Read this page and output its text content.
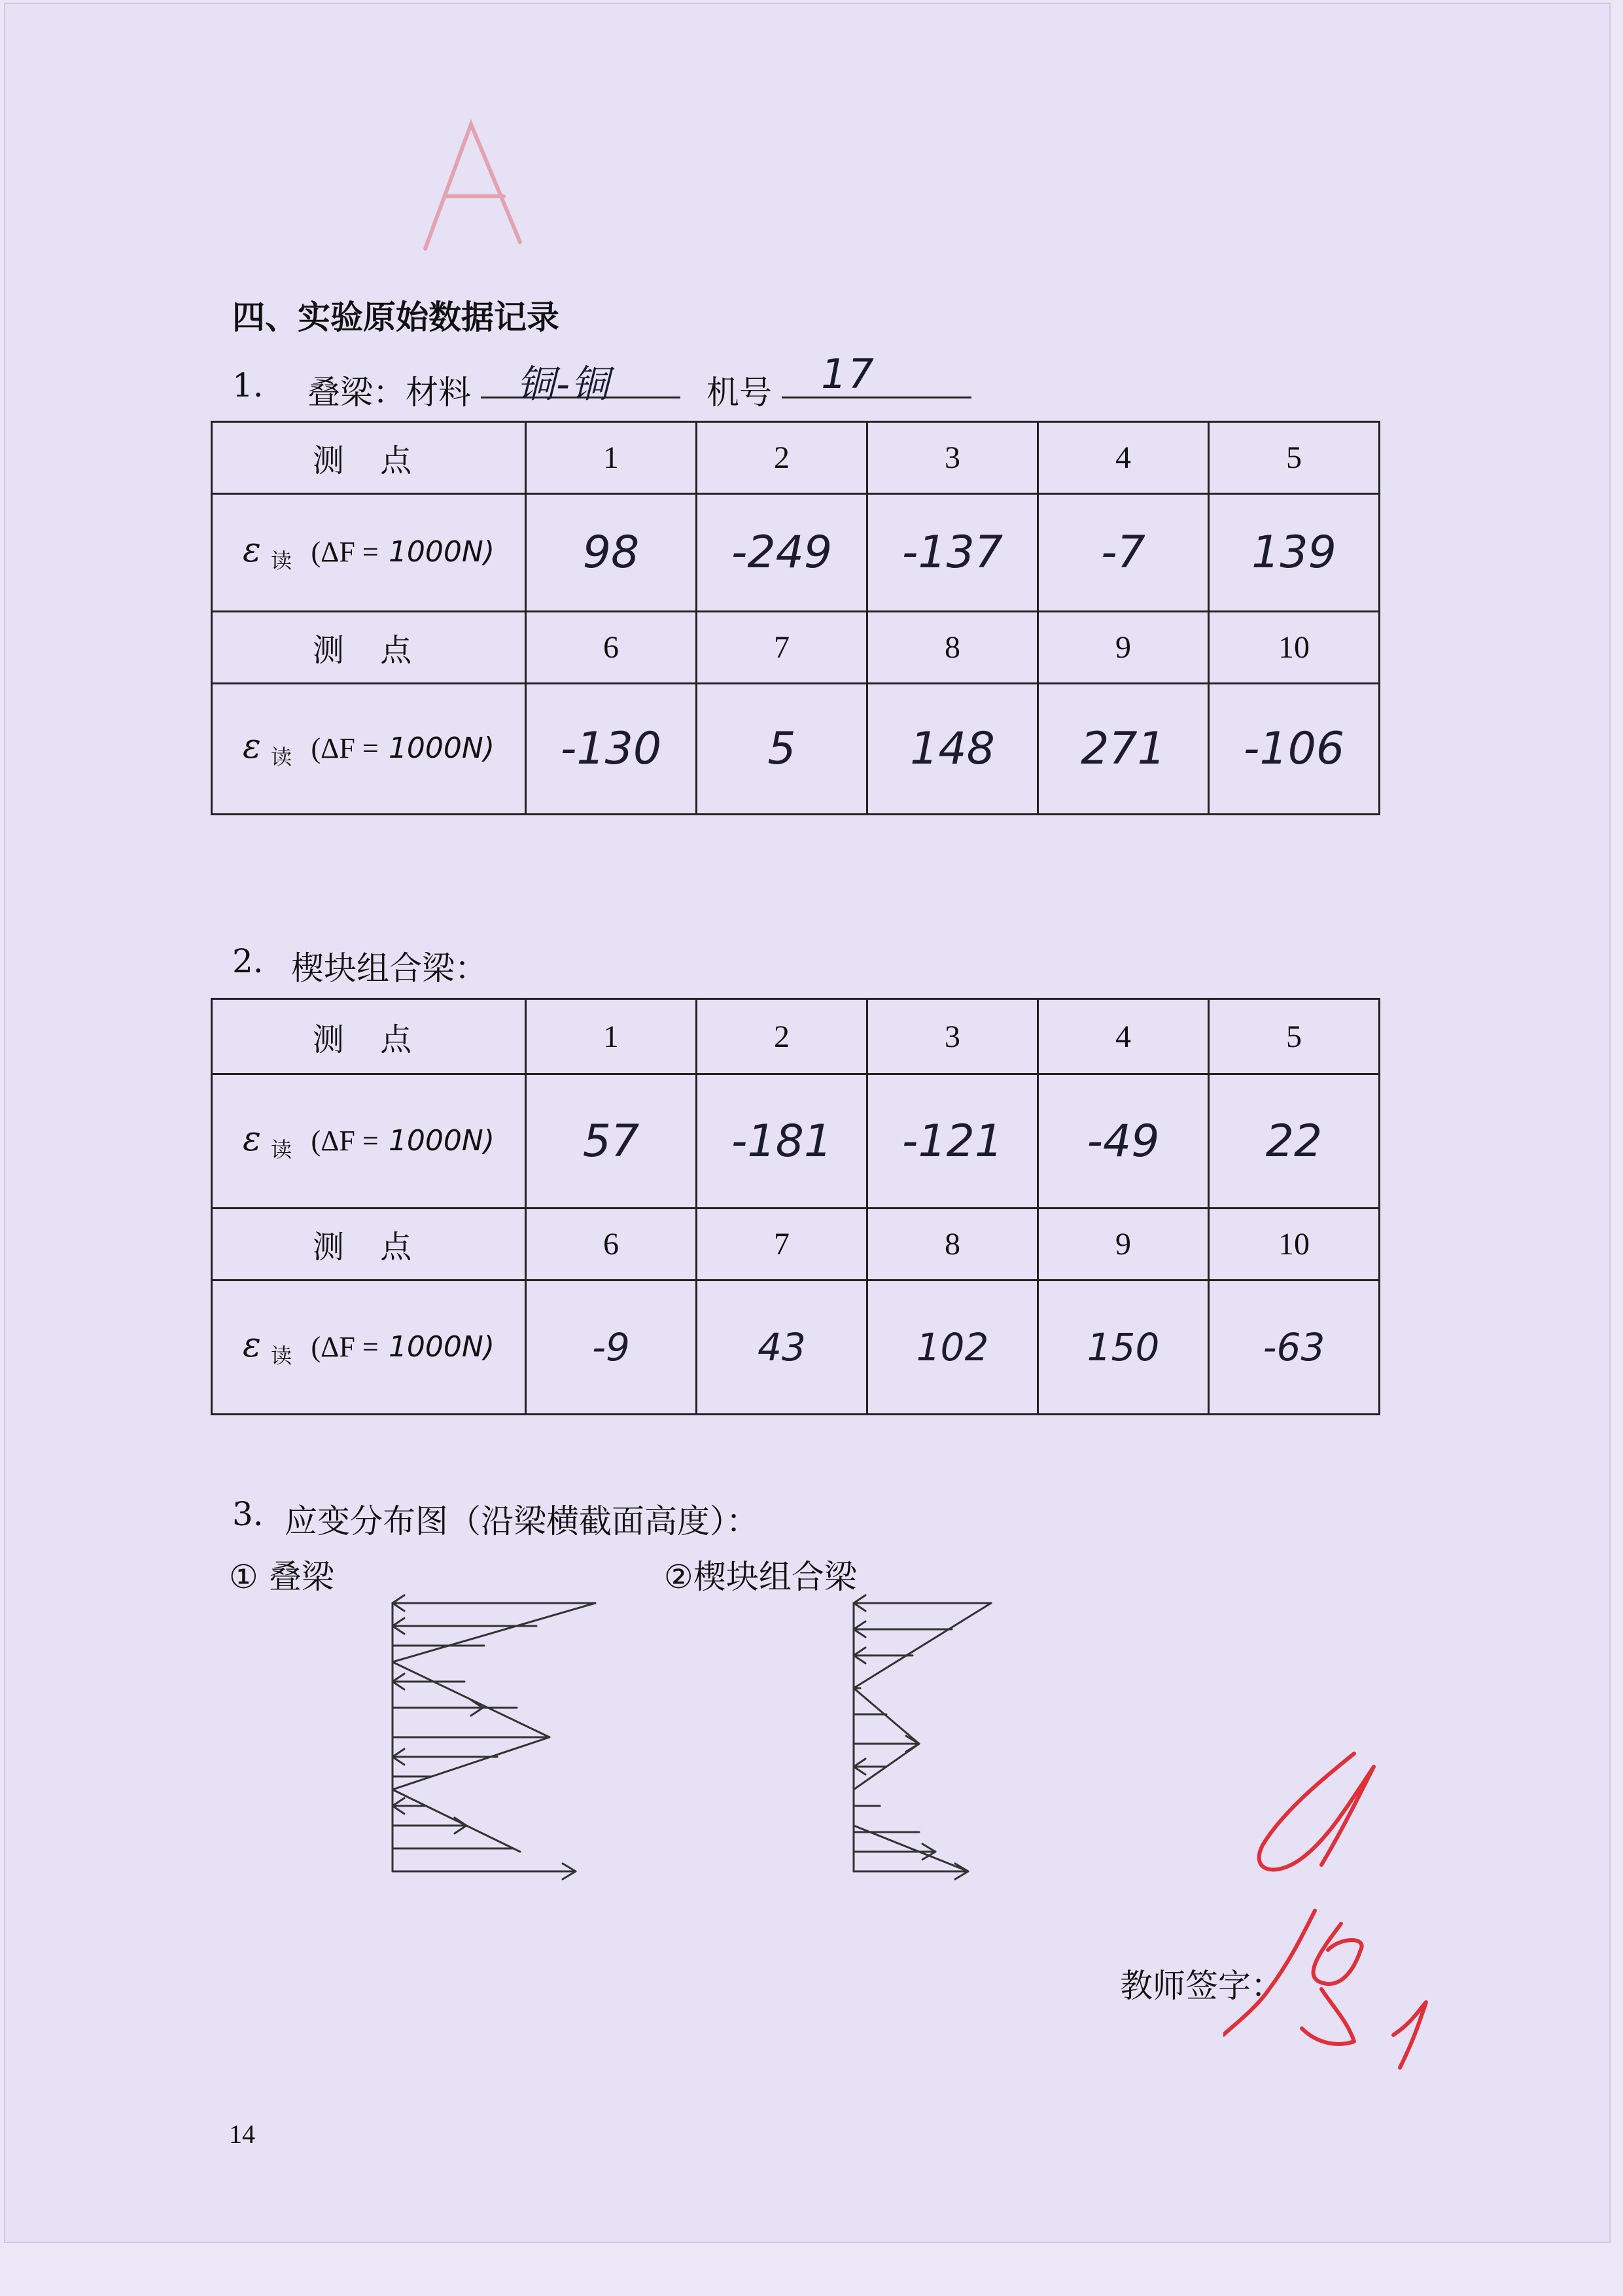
四、实验原始数据记录
1. 叠梁：材料 铜-铜	机号 17
测 点	1	2	3	4	5
ε $_读$ (ΔF = 1000N)	98	-249	-137	-7	139
测 点	6	7	8	9	10
ε $_读$ (ΔF = 1000N)	-130	5	148	271	-106
2. 楔块组合梁：
测 点	1	2	3	4	5
ε $_读$ (ΔF = 1000N)	57	-181	-121	-49	22
测 点	6	7	8	9	10
ε $_读$ (ΔF = 1000N)	-9	43	102	150	-63
3. 应变分布图（沿梁横截面高度）：
① 叠梁	②楔块组合梁
教师签字：
14
